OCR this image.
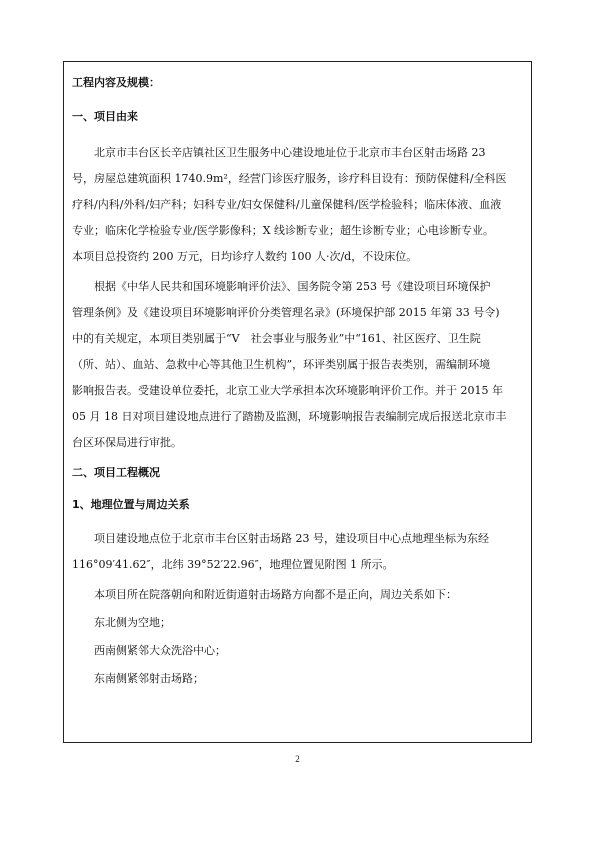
工程内容及规模：
一、项目由来
北京市丰台区长辛店镇社区卫生服务中心建设地址位于北京市丰台区射击场路 23
号，房屋总建筑面积 1740.9m²，经营门诊医疗服务，诊疗科目设有：预防保健科/全科医
疗科/内科/外科/妇产科；妇科专业/妇女保健科/儿童保健科/医学检验科；临床体液、血液
专业；临床化学检验专业/医学影像科；X 线诊断专业；超生诊断专业；心电诊断专业。
本项目总投资约 200 万元，日均诊疗人数约 100 人·次/d，不设床位。
根据《中华人民共和国环境影响评价法》、国务院令第 253 号《建设项目环境保护
管理条例》及《建设项目环境影响评价分类管理名录》(环境保护部 2015 年第 33 号令)
中的有关规定，本项目类别属于“V　社会事业与服务业”中“161、社区医疗、卫生院
（所、站）、血站、急救中心等其他卫生机构”，环评类别属于报告表类别，需编制环境
影响报告表。受建设单位委托，北京工业大学承担本次环境影响评价工作。并于 2015 年
05 月 18 日对项目建设地点进行了踏勘及监测，环境影响报告表编制完成后报送北京市丰
台区环保局进行审批。
二、项目工程概况
1、地理位置与周边关系
项目建设地点位于北京市丰台区射击场路 23 号，建设项目中心点地理坐标为东经
116°09′41.62″，北纬 39°52′22.96″，地理位置见附图 1 所示。
本项目所在院落朝向和附近街道射击场路方向都不是正向，周边关系如下：
东北侧为空地；
西南侧紧邻大众洗浴中心；
东南侧紧邻射击场路；
2
